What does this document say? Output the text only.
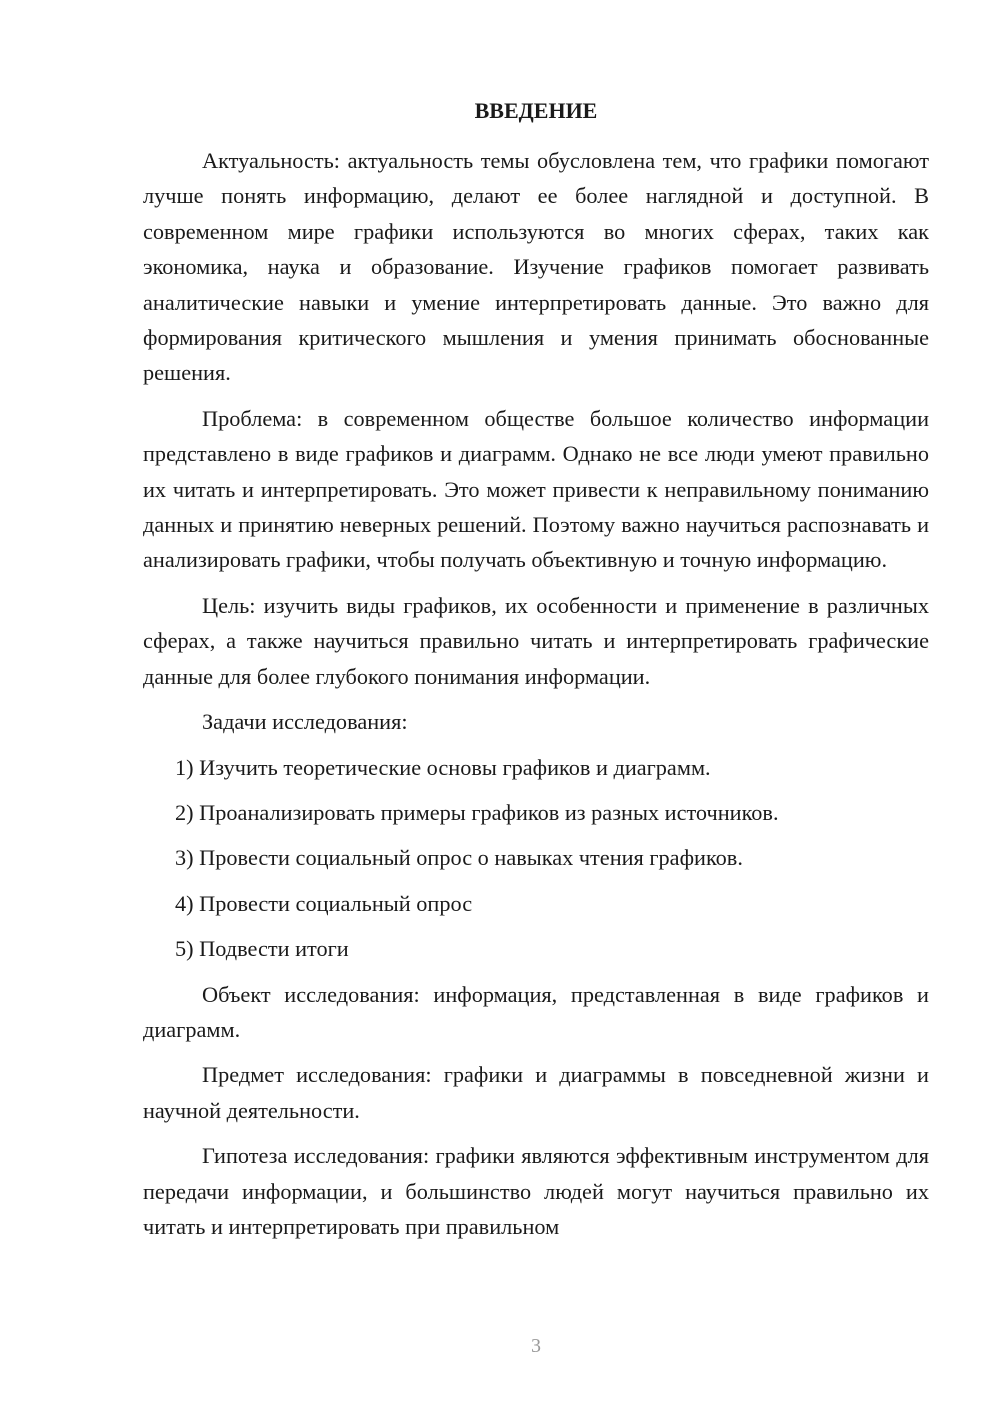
ВВЕДЕНИЕ

Актуальность: актуальность темы обусловлена тем, что графики помогают лучше понять информацию, делают ее более наглядной и доступной. В современном мире графики используются во многих сферах, таких как экономика, наука и образование. Изучение графиков помогает развивать аналитические навыки и умение интерпретировать данные. Это важно для формирования критического мышления и умения принимать обоснованные решения.

Проблема: в современном обществе большое количество информации представлено в виде графиков и диаграмм. Однако не все люди умеют правильно их читать и интерпретировать. Это может привести к неправильному пониманию данных и принятию неверных решений. Поэтому важно научиться распознавать и анализировать графики, чтобы получать объективную и точную информацию.

Цель: изучить виды графиков, их особенности и применение в различных сферах, а также научиться правильно читать и интерпретировать графические данные для более глубокого понимания информации.

Задачи исследования:

1) Изучить теоретические основы графиков и диаграмм.

2) Проанализировать примеры графиков из разных источников.

3) Провести социальный опрос о навыках чтения графиков.

4) Провести социальный опрос

5) Подвести итоги

Объект исследования: информация, представленная в виде графиков и диаграмм.

Предмет исследования: графики и диаграммы в повседневной жизни и научной деятельности.

Гипотеза исследования: графики являются эффективным инструментом для передачи информации, и большинство людей могут научиться правильно их читать и интерпретировать при правильном

3
